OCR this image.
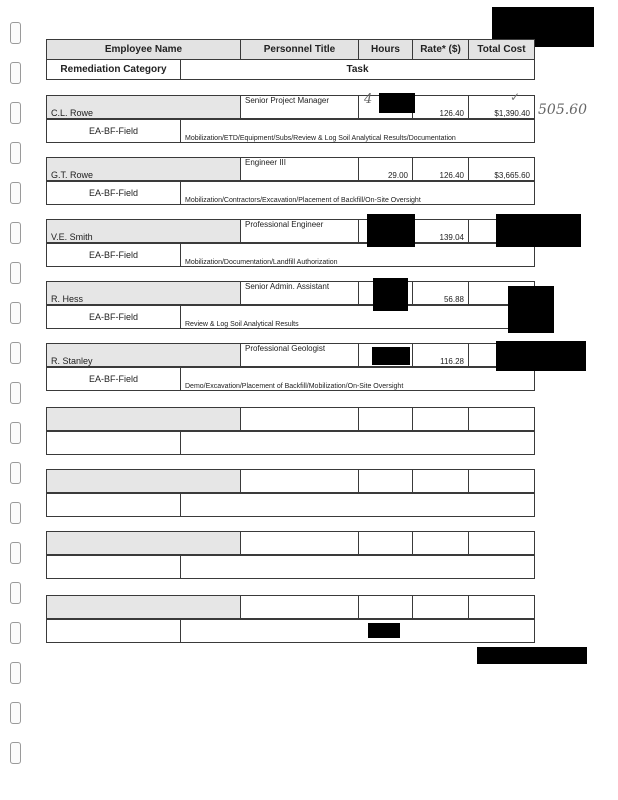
Employee Name	Personnel Title	Hours	Rate* ($)	Total Cost
Remediation Category	Task
C.L. Rowe	Senior Project Manager		126.40	$1,390.40
EA-BF-Field	Mobilization/ETD/Equipment/Subs/Review & Log Soil Analytical Results/Documentation
G.T. Rowe	Engineer III	29.00	126.40	$3,665.60
EA-BF-Field	Mobilization/Contractors/Excavation/Placement of Backfill/On-Site Oversight
V.E. Smith	Professional Engineer		139.04	
EA-BF-Field	Mobilization/Documentation/Landfill Authorization
R. Hess	Senior Admin. Assistant		56.88	
EA-BF-Field	Review & Log Soil Analytical Results
R. Stanley	Professional Geologist		116.28	
EA-BF-Field	Demo/Excavation/Placement of Backfill/Mobilization/On-Site Oversight

4
505.60
✓
